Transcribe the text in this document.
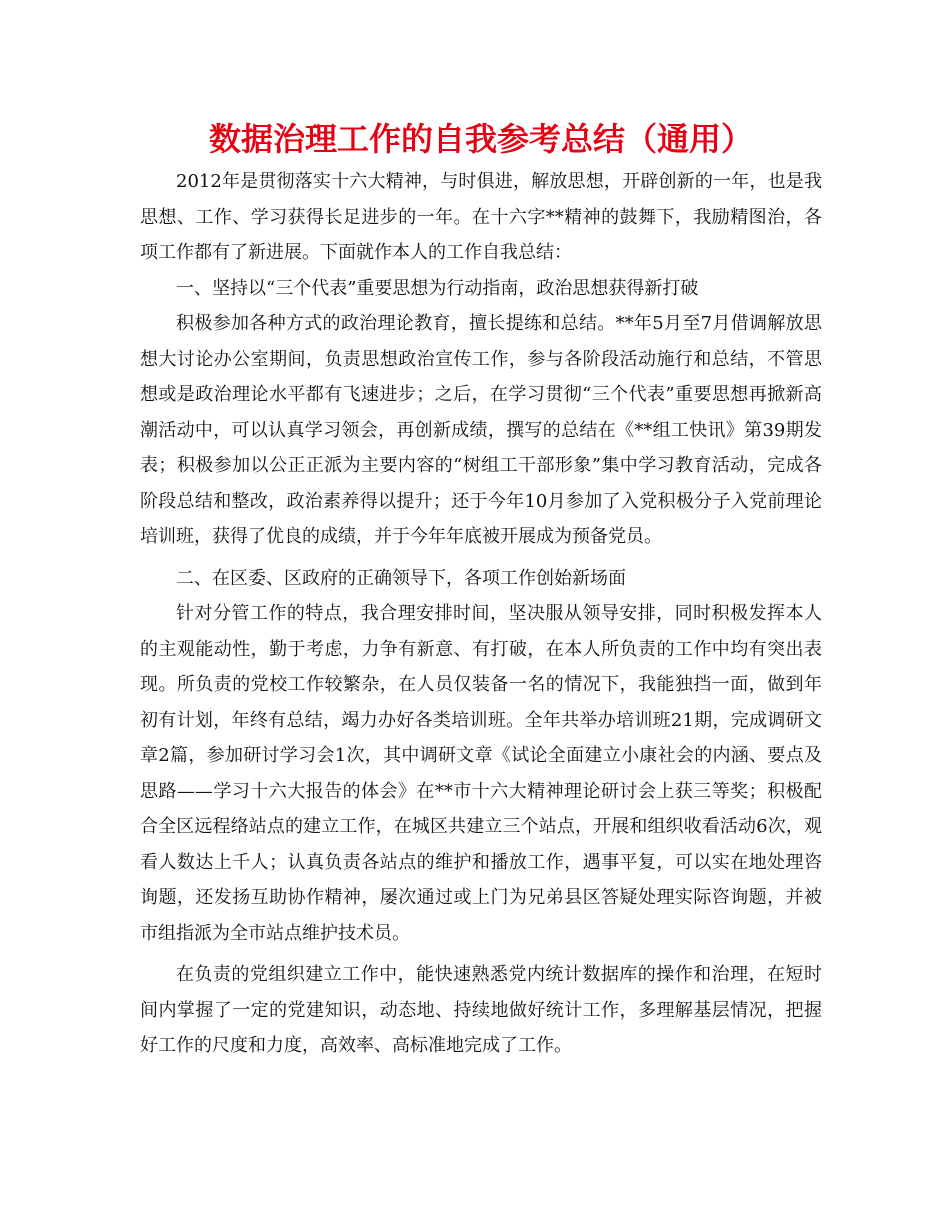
数据治理工作的自我参考总结（通用）

2012年是贯彻落实十六大精神，与时俱进，解放思想，开辟创新的一年，也是我思想、工作、学习获得长足进步的一年。在十六字**精神的鼓舞下，我励精图治，各项工作都有了新进展。下面就作本人的工作自我总结：

一、坚持以“三个代表”重要思想为行动指南，政治思想获得新打破

积极参加各种方式的政治理论教育，擅长提练和总结。**年5月至7月借调解放思想大讨论办公室期间，负责思想政治宣传工作，参与各阶段活动施行和总结，不管思想或是政治理论水平都有飞速进步；之后，在学习贯彻“三个代表”重要思想再掀新高潮活动中，可以认真学习领会，再创新成绩，撰写的总结在《**组工快讯》第39期发表；积极参加以公正正派为主要内容的“树组工干部形象”集中学习教育活动，完成各阶段总结和整改，政治素养得以提升；还于今年10月参加了入党积极分子入党前理论培训班，获得了优良的成绩，并于今年年底被开展成为预备党员。

二、在区委、区政府的正确领导下，各项工作创始新场面

针对分管工作的特点，我合理安排时间，坚决服从领导安排，同时积极发挥本人的主观能动性，勤于考虑，力争有新意、有打破，在本人所负责的工作中均有突出表现。所负责的党校工作较繁杂，在人员仅装备一名的情况下，我能独挡一面，做到年初有计划，年终有总结，竭力办好各类培训班。全年共举办培训班21期，完成调研文章2篇，参加研讨学习会1次，其中调研文章《试论全面建立小康社会的内涵、要点及思路——学习十六大报告的体会》在**市十六大精神理论研讨会上获三等奖；积极配合全区远程络站点的建立工作，在城区共建立三个站点，开展和组织收看活动6次，观看人数达上千人；认真负责各站点的维护和播放工作，遇事平复，可以实在地处理咨询题，还发扬互助协作精神，屡次通过或上门为兄弟县区答疑处理实际咨询题，并被市组指派为全市站点维护技术员。

在负责的党组织建立工作中，能快速熟悉党内统计数据库的操作和治理，在短时间内掌握了一定的党建知识，动态地、持续地做好统计工作，多理解基层情况，把握好工作的尺度和力度，高效率、高标准地完成了工作。
